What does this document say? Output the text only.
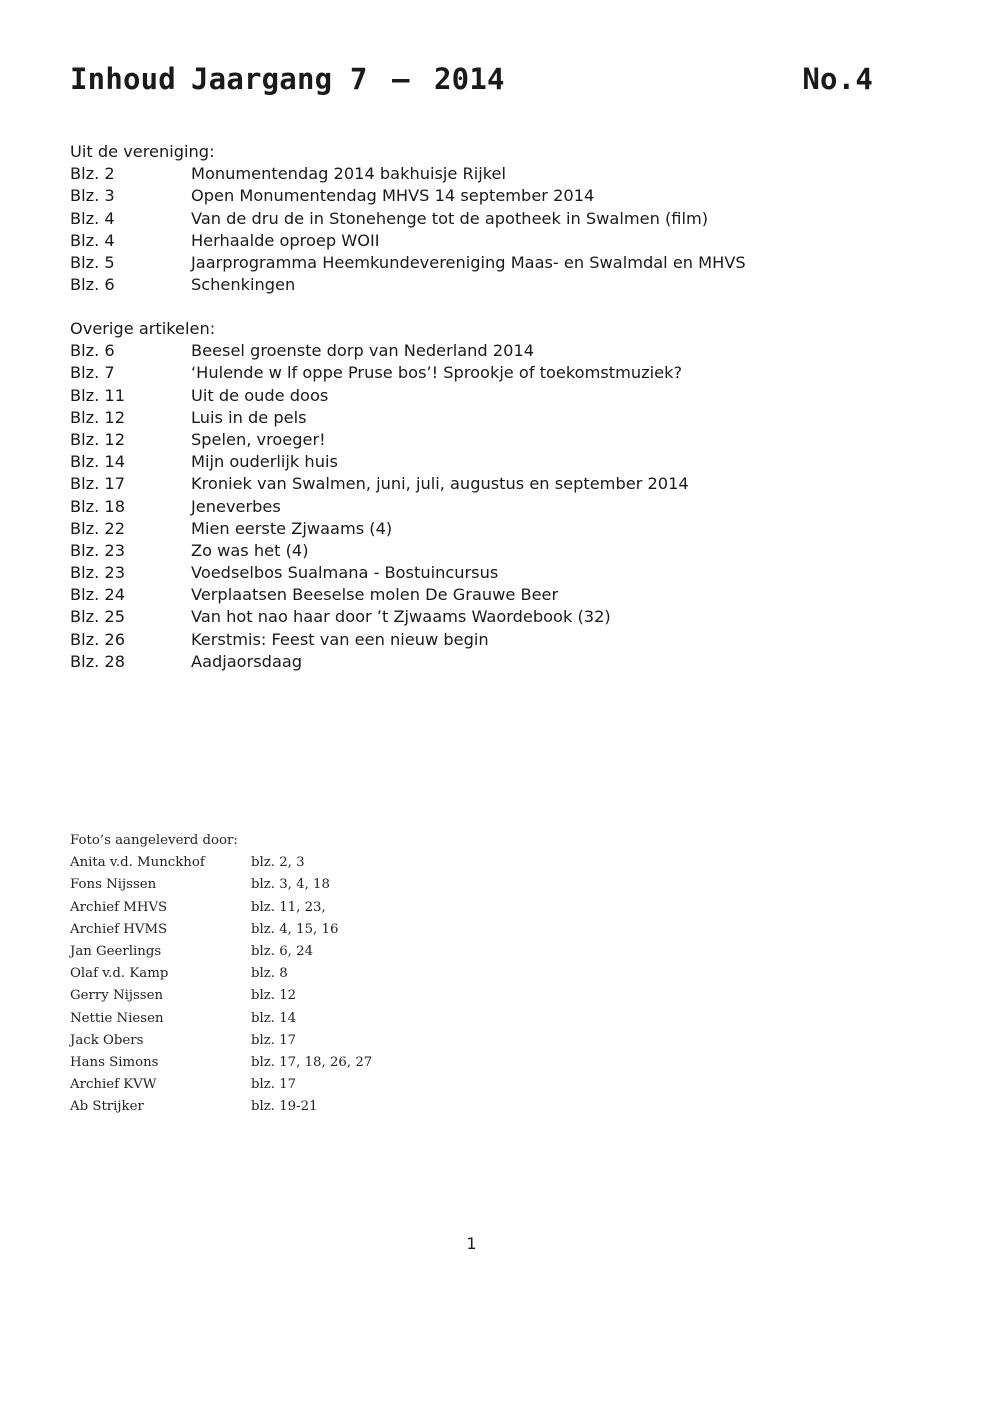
Inhoud Jaargang 7 – 2014	No.4
Uit de vereniging:
Blz. 2	Monumentendag 2014 bakhuisje Rijkel
Blz. 3	Open Monumentendag MHVS 14 september 2014
Blz. 4	Van de dru de in Stonehenge tot de apotheek in Swalmen (film)
Blz. 4	Herhaalde oproep WOII
Blz. 5	Jaarprogramma Heemkundevereniging Maas- en Swalmdal en MHVS
Blz. 6	Schenkingen
Overige artikelen:
Blz. 6	Beesel groenste dorp van Nederland 2014
Blz. 7	‘Hulende w lf oppe Pruse bos’! Sprookje of toekomstmuziek?
Blz. 11	Uit de oude doos
Blz. 12	Luis in de pels
Blz. 12	Spelen, vroeger!
Blz. 14	Mijn ouderlijk huis
Blz. 17	Kroniek van Swalmen, juni, juli, augustus en september 2014
Blz. 18	Jeneverbes
Blz. 22	Mien eerste Zjwaams (4)
Blz. 23	Zo was het (4)
Blz. 23	Voedselbos Sualmana - Bostuincursus
Blz. 24	Verplaatsen Beeselse molen De Grauwe Beer
Blz. 25	Van hot nao haar door ’t Zjwaams Waordebook (32)
Blz. 26	Kerstmis: Feest van een nieuw begin
Blz. 28	Aadjaorsdaag
Foto’s aangeleverd door:
Anita v.d. Munckhof	blz. 2, 3
Fons Nijssen	blz. 3, 4, 18
Archief MHVS	blz. 11, 23,
Archief HVMS	blz. 4, 15, 16
Jan Geerlings	blz. 6, 24
Olaf v.d. Kamp	blz. 8
Gerry Nijssen	blz. 12
Nettie Niesen	blz. 14
Jack Obers	blz. 17
Hans Simons	blz. 17, 18, 26, 27
Archief KVW	blz. 17
Ab Strijker	blz. 19-21
1
